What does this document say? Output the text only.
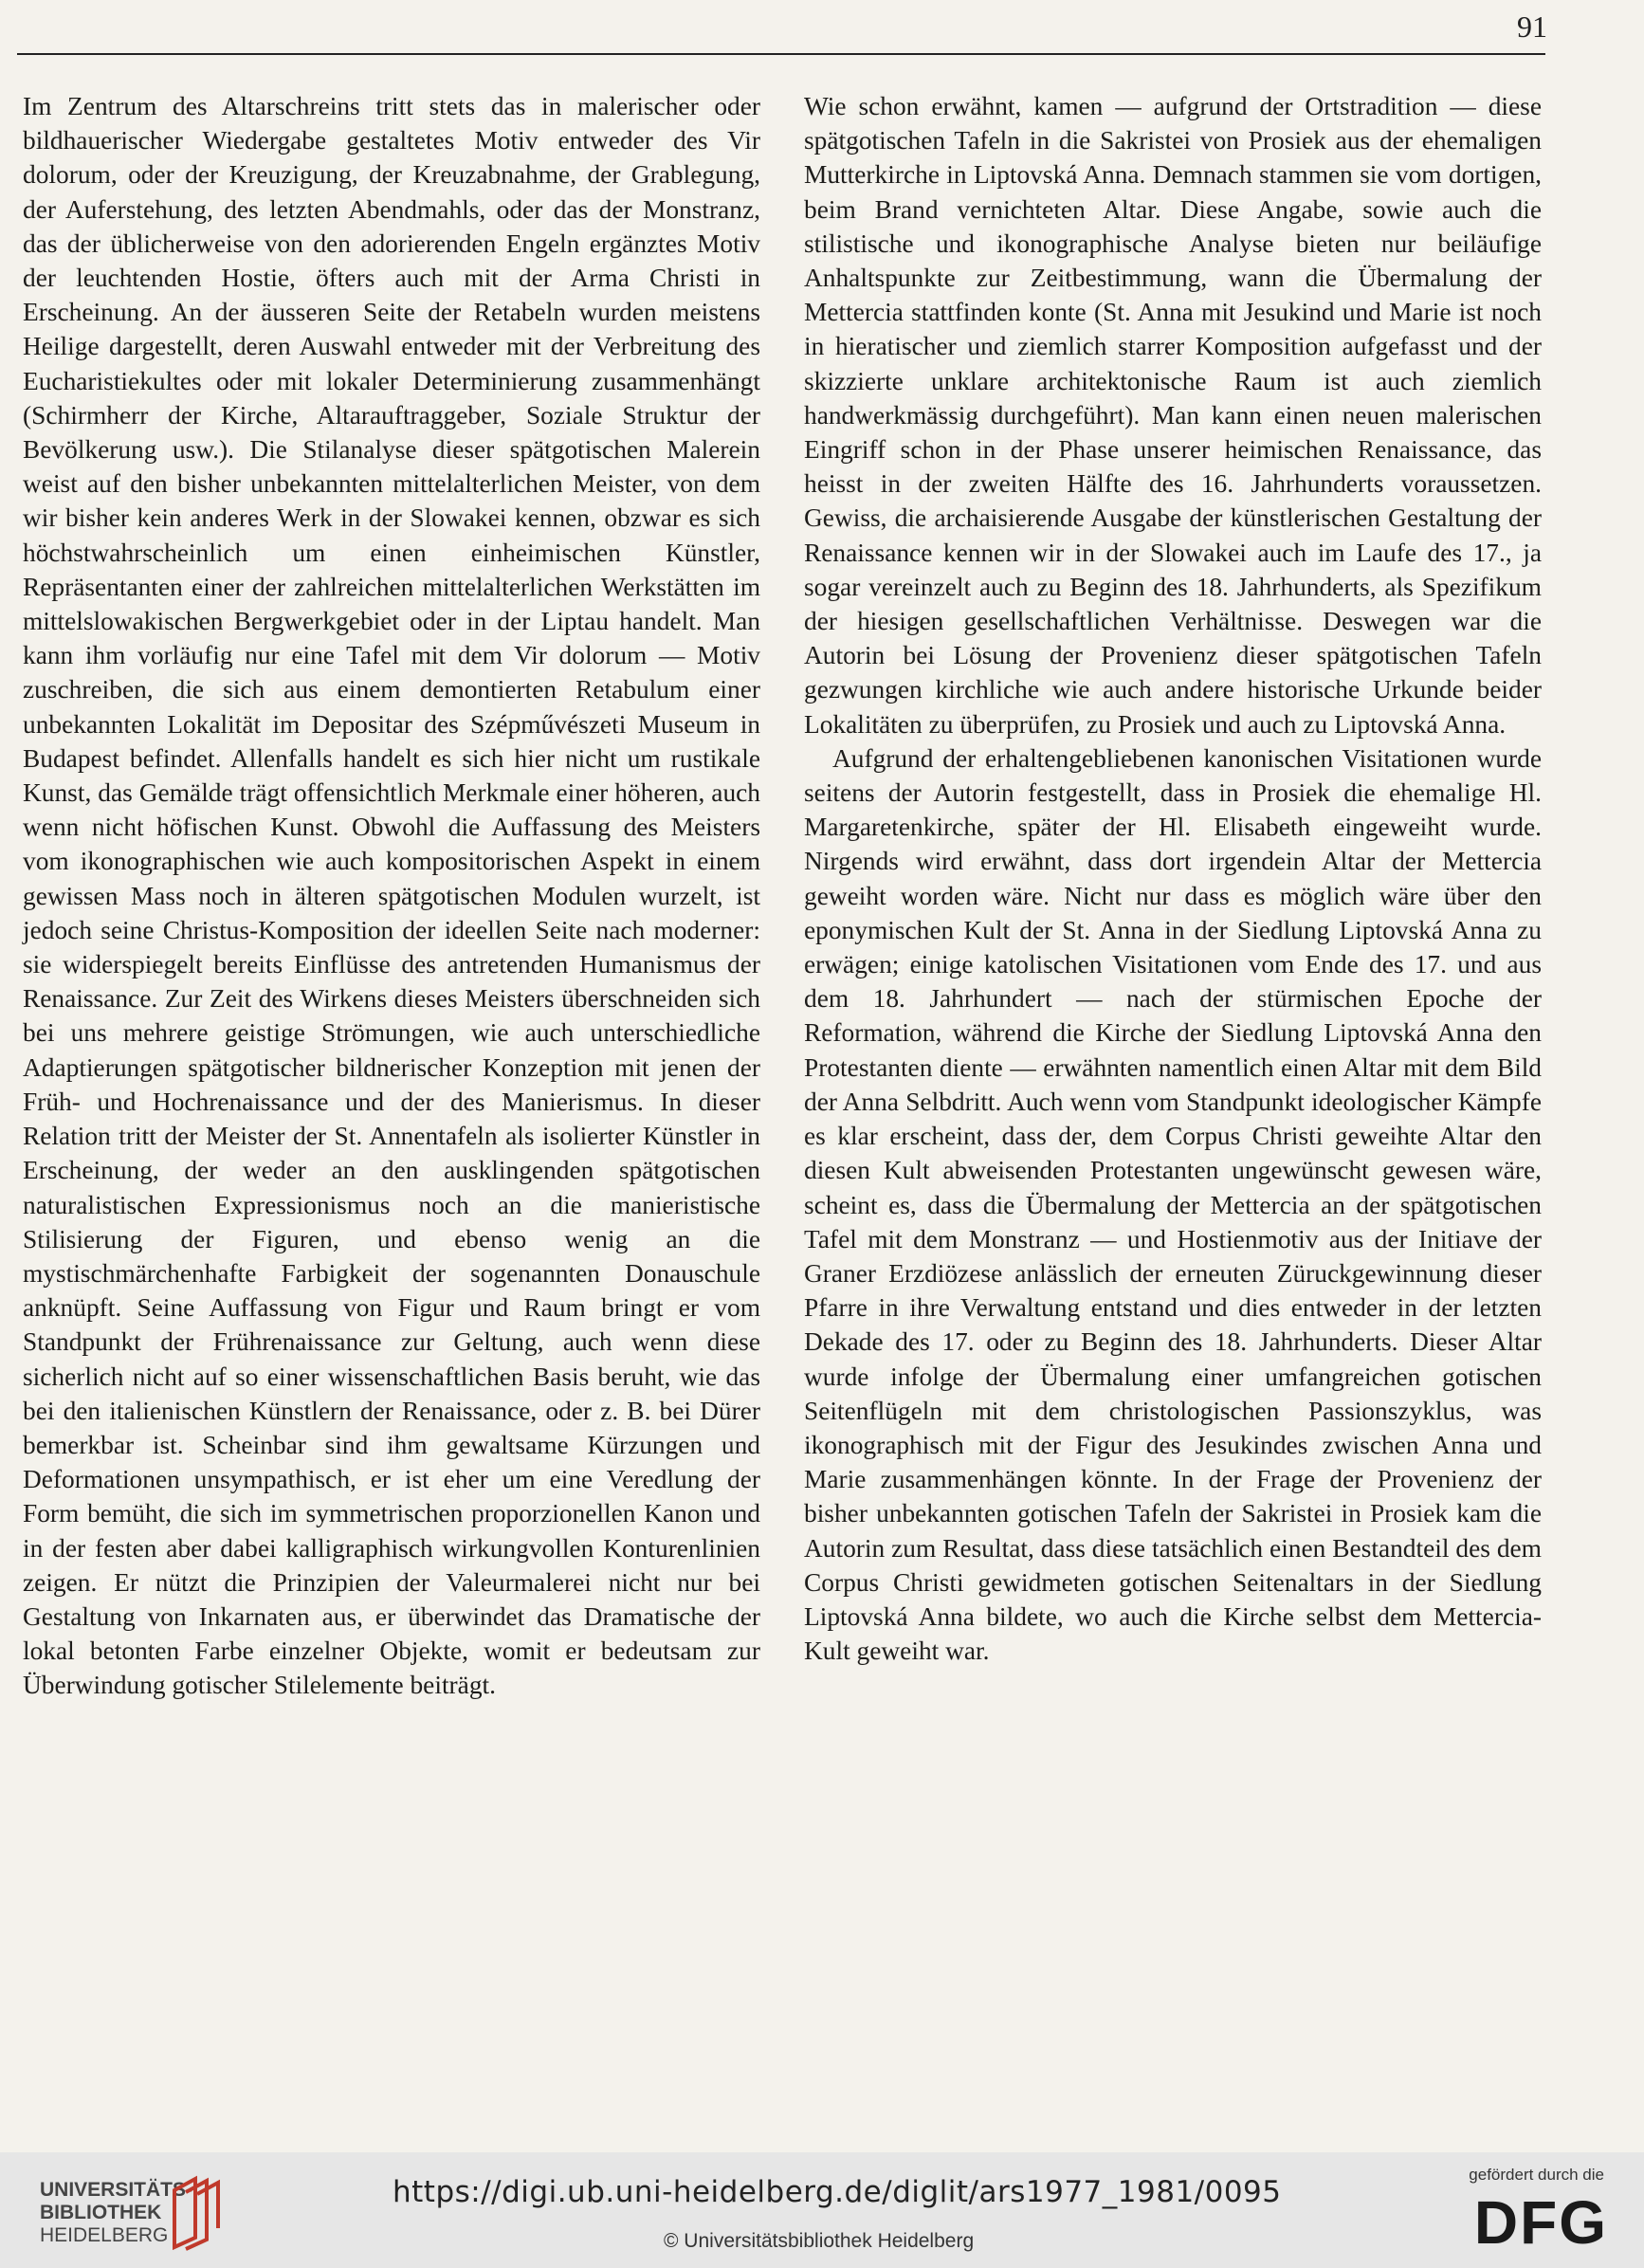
91

Im Zentrum des Altarschreins tritt stets das in malerischer oder bildhauerischer Wiedergabe gestaltetes Motiv entweder des Vir dolorum, oder der Kreuzigung, der Kreuzabnahme, der Grablegung, der Auferstehung, des letzten Abendmahls, oder das der Monstranz, das der üblicherweise von den adorierenden Engeln ergänztes Motiv der leuchtenden Hostie, öfters auch mit der Arma Christi in Erscheinung. An der äusseren Seite der Retabeln wurden meistens Heilige dargestellt, deren Auswahl entweder mit der Verbreitung des Eucharistiekultes oder mit lokaler Determinierung zusammenhängt (Schirmherr der Kirche, Altarauftraggeber, Soziale Struktur der Bevölkerung usw.). Die Stilanalyse dieser spätgotischen Malerein weist auf den bisher unbekannten mittelalterlichen Meister, von dem wir bisher kein anderes Werk in der Slowakei kennen, obzwar es sich höchstwahrscheinlich um einen einheimischen Künstler, Repräsentanten einer der zahlreichen mittelalterlichen Werkstätten im mittelslowakischen Bergwerkgebiet oder in der Liptau handelt. Man kann ihm vorläufig nur eine Tafel mit dem Vir dolorum — Motiv zuschreiben, die sich aus einem demontierten Retabulum einer unbekannten Lokalität im Depositar des Szépművészeti Museum in Budapest befindet. Allenfalls handelt es sich hier nicht um rustikale Kunst, das Gemälde trägt offensichtlich Merkmale einer höheren, auch wenn nicht höfischen Kunst. Obwohl die Auffassung des Meisters vom ikonographischen wie auch kompositorischen Aspekt in einem gewissen Mass noch in älteren spätgotischen Modulen wurzelt, ist jedoch seine Christus-Komposition der ideellen Seite nach moderner: sie widerspiegelt bereits Einflüsse des antretenden Humanismus der Renaissance. Zur Zeit des Wirkens dieses Meisters überschneiden sich bei uns mehrere geistige Strömungen, wie auch unterschiedliche Adaptierungen spätgotischer bildnerischer Konzeption mit jenen der Früh- und Hochrenaissance und der des Manierismus. In dieser Relation tritt der Meister der St. Annentafeln als isolierter Künstler in Erscheinung, der weder an den ausklingenden spätgotischen naturalistischen Expressionismus noch an die manieristische Stilisierung der Figuren, und ebenso wenig an die mystischmärchenhafte Farbigkeit der sogenannten Donauschule anknüpft. Seine Auffassung von Figur und Raum bringt er vom Standpunkt der Frührenaissance zur Geltung, auch wenn diese sicherlich nicht auf so einer wissenschaftlichen Basis beruht, wie das bei den italienischen Künstlern der Renaissance, oder z. B. bei Dürer bemerkbar ist. Scheinbar sind ihm gewaltsame Kürzungen und Deformationen unsympathisch, er ist eher um eine Veredlung der Form bemüht, die sich im symmetrischen proporzionellen Kanon und in der festen aber dabei kalligraphisch wirkungvollen Konturenlinien zeigen. Er nützt die Prinzipien der Valeurmalerei nicht nur bei Gestaltung von Inkarnaten aus, er überwindet das Dramatische der lokal betonten Farbe einzelner Objekte, womit er bedeutsam zur Überwindung gotischer Stilelemente beiträgt.

Wie schon erwähnt, kamen — aufgrund der Ortstradition — diese spätgotischen Tafeln in die Sakristei von Prosiek aus der ehemaligen Mutterkirche in Liptovská Anna. Demnach stammen sie vom dortigen, beim Brand vernichteten Altar. Diese Angabe, sowie auch die stilistische und ikonographische Analyse bieten nur beiläufige Anhaltspunkte zur Zeitbestimmung, wann die Übermalung der Mettercia stattfinden konte (St. Anna mit Jesukind und Marie ist noch in hieratischer und ziemlich starrer Komposition aufgefasst und der skizzierte unklare architektonische Raum ist auch ziemlich handwerkmässig durchgeführt). Man kann einen neuen malerischen Eingriff schon in der Phase unserer heimischen Renaissance, das heisst in der zweiten Hälfte des 16. Jahrhunderts voraussetzen. Gewiss, die archaisierende Ausgabe der künstlerischen Gestaltung der Renaissance kennen wir in der Slowakei auch im Laufe des 17., ja sogar vereinzelt auch zu Beginn des 18. Jahrhunderts, als Spezifikum der hiesigen gesellschaftlichen Verhältnisse. Deswegen war die Autorin bei Lösung der Provenienz dieser spätgotischen Tafeln gezwungen kirchliche wie auch andere historische Urkunde beider Lokalitäten zu überprüfen, zu Prosiek und auch zu Liptovská Anna.

Aufgrund der erhaltengebliebenen kanonischen Visitationen wurde seitens der Autorin festgestellt, dass in Prosiek die ehemalige Hl. Margaretenkirche, später der Hl. Elisabeth eingeweiht wurde. Nirgends wird erwähnt, dass dort irgendein Altar der Mettercia geweiht worden wäre. Nicht nur dass es möglich wäre über den eponymischen Kult der St. Anna in der Siedlung Liptovská Anna zu erwägen; einige katolischen Visitationen vom Ende des 17. und aus dem 18. Jahrhundert — nach der stürmischen Epoche der Reformation, während die Kirche der Siedlung Liptovská Anna den Protestanten diente — erwähnten namentlich einen Altar mit dem Bild der Anna Selbdritt. Auch wenn vom Standpunkt ideologischer Kämpfe es klar erscheint, dass der, dem Corpus Christi geweihte Altar den diesen Kult abweisenden Protestanten ungewünscht gewesen wäre, scheint es, dass die Übermalung der Mettercia an der spätgotischen Tafel mit dem Monstranz — und Hostienmotiv aus der Initiave der Graner Erzdiözese anlässlich der erneuten Züruckgewinnung dieser Pfarre in ihre Verwaltung entstand und dies entweder in der letzten Dekade des 17. oder zu Beginn des 18. Jahrhunderts. Dieser Altar wurde infolge der Übermalung einer umfangreichen gotischen Seitenflügeln mit dem christologischen Passionszyklus, was ikonographisch mit der Figur des Jesukindes zwischen Anna und Marie zusammenhängen könnte. In der Frage der Provenienz der bisher unbekannten gotischen Tafeln der Sakristei in Prosiek kam die Autorin zum Resultat, dass diese tatsächlich einen Bestandteil des dem Corpus Christi gewidmeten gotischen Seitenaltars in der Siedlung Liptovská Anna bildete, wo auch die Kirche selbst dem Mettercia- Kult geweiht war.

UNIVERSITÄTS-
BIBLIOTHEK
HEIDELBERG
https://digi.ub.uni-heidelberg.de/diglit/ars1977_1981/0095
© Universitätsbibliothek Heidelberg
gefördert durch die
DFG
